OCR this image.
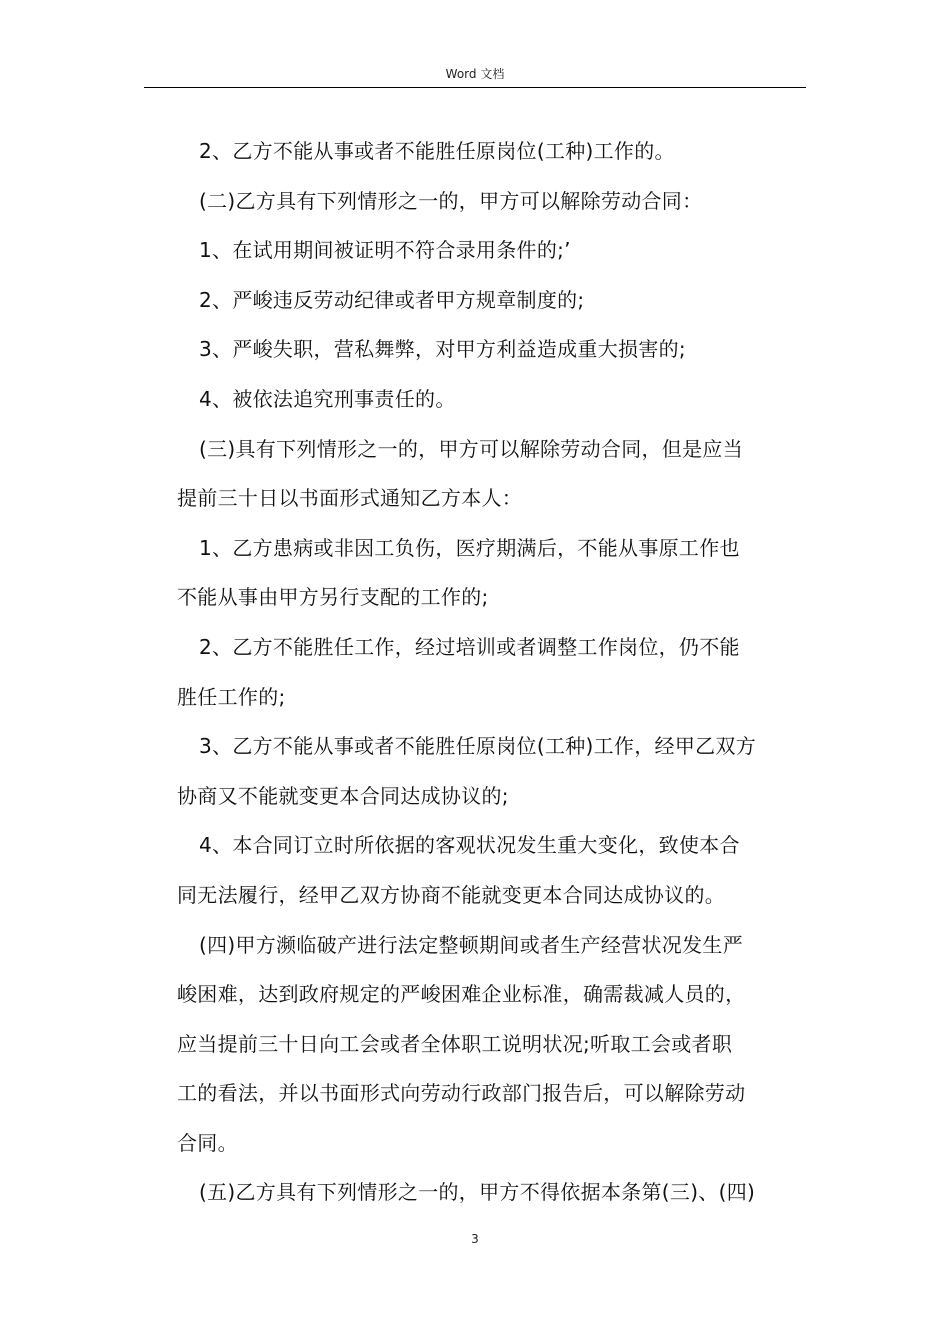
Word 文档
2、乙方不能从事或者不能胜任原岗位(工种)工作的。
(二)乙方具有下列情形之一的，甲方可以解除劳动合同：
1、在试用期间被证明不符合录用条件的;’
2、严峻违反劳动纪律或者甲方规章制度的;
3、严峻失职，营私舞弊，对甲方利益造成重大损害的;
4、被依法追究刑事责任的。
(三)具有下列情形之一的，甲方可以解除劳动合同，但是应当
提前三十日以书面形式通知乙方本人：
1、乙方患病或非因工负伤，医疗期满后，不能从事原工作也
不能从事由甲方另行支配的工作的;
2、乙方不能胜任工作，经过培训或者调整工作岗位，仍不能
胜任工作的;
3、乙方不能从事或者不能胜任原岗位(工种)工作，经甲乙双方
协商又不能就变更本合同达成协议的;
4、本合同订立时所依据的客观状况发生重大变化，致使本合
同无法履行，经甲乙双方协商不能就变更本合同达成协议的。
(四)甲方濒临破产进行法定整顿期间或者生产经营状况发生严
峻困难，达到政府规定的严峻困难企业标准，确需裁减人员的，
应当提前三十日向工会或者全体职工说明状况;听取工会或者职
工的看法，并以书面形式向劳动行政部门报告后，可以解除劳动
合同。
(五)乙方具有下列情形之一的，甲方不得依据本条第(三)、(四)
3
